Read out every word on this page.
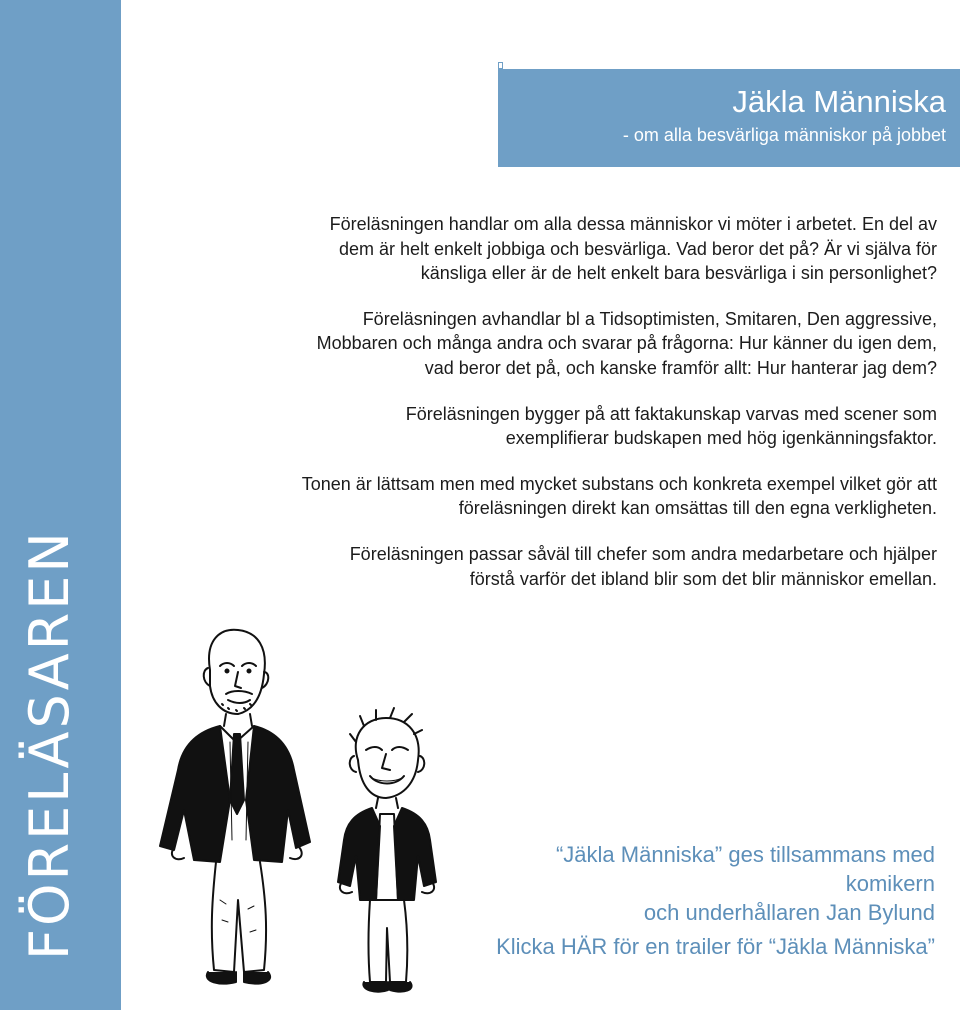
FÖRELÄSAREN
Jäkla Människa
- om alla besvärliga människor på jobbet

Föreläsningen handlar om alla dessa människor vi möter i arbetet. En del av dem är helt enkelt jobbiga och besvärliga. Vad beror det på? Är vi själva för känsliga eller är de helt enkelt bara besvärliga i sin personlighet?

Föreläsningen avhandlar bl a Tidsoptimisten, Smitaren, Den aggressive, Mobbaren och många andra och svarar på frågorna: Hur känner du igen dem, vad beror det på, och kanske framför allt: Hur hanterar jag dem?

Föreläsningen bygger på att faktakunskap varvas med scener som exemplifierar budskapen med hög igenkänningsfaktor.

Tonen är lättsam men med mycket substans och konkreta exempel vilket gör att föreläsningen direkt kan omsättas till den egna verkligheten.

Föreläsningen passar såväl till chefer som andra medarbetare och hjälper förstå varför det ibland blir som det blir människor emellan.

“Jäkla Människa” ges tillsammans med komikern
och underhållaren Jan Bylund
Klicka HÄR för en trailer för “Jäkla Människa”
